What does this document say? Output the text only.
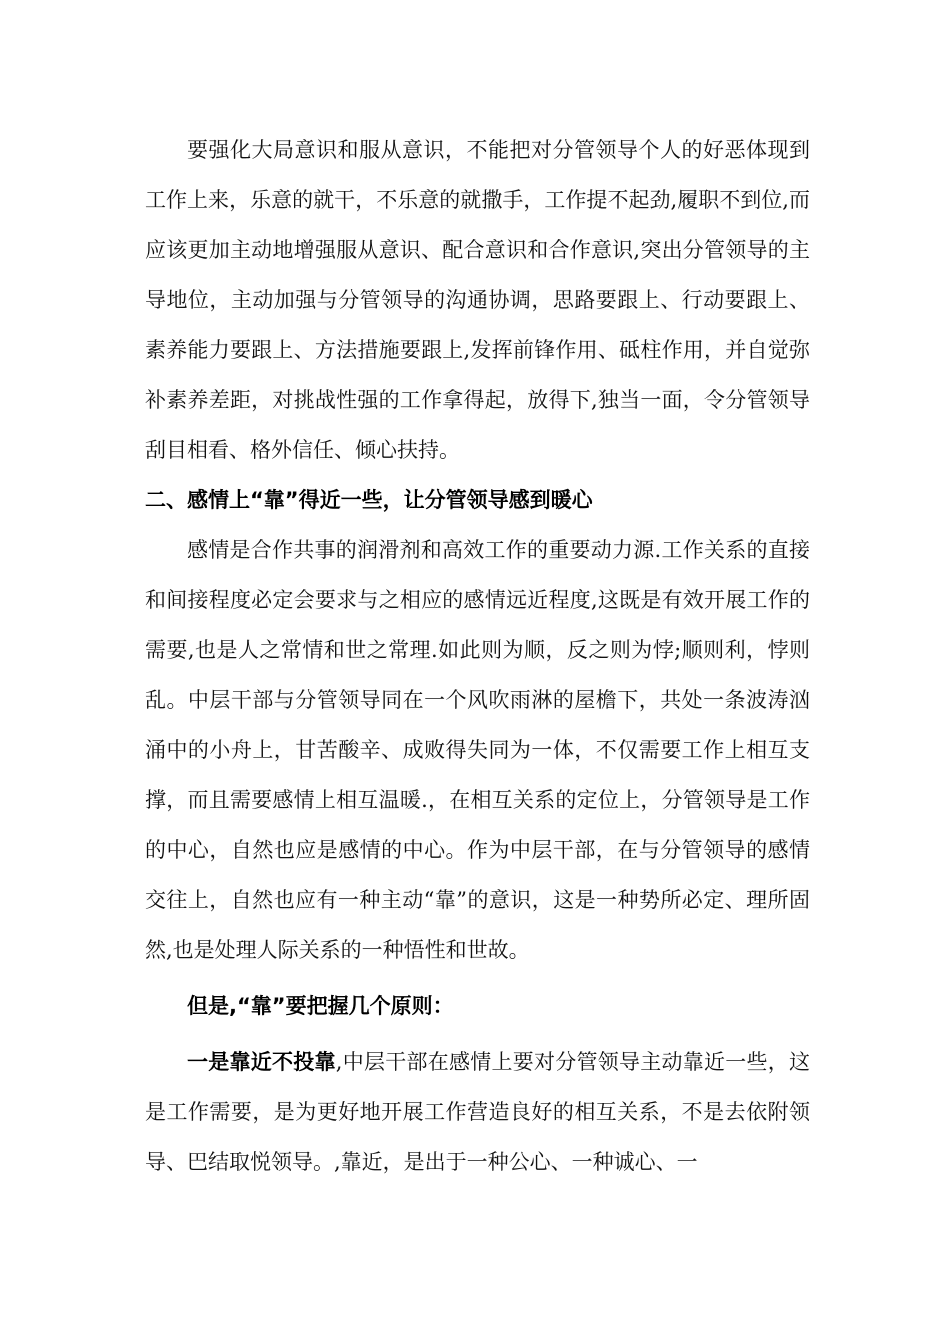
要强化大局意识和服从意识，不能把对分管领导个人的好恶体现到工作上来，乐意的就干，不乐意的就撒手，工作提不起劲,履职不到位,而应该更加主动地增强服从意识、配合意识和合作意识,突出分管领导的主导地位，主动加强与分管领导的沟通协调，思路要跟上、行动要跟上、素养能力要跟上、方法措施要跟上,发挥前锋作用、砥柱作用，并自觉弥补素养差距，对挑战性强的工作拿得起，放得下,独当一面，令分管领导刮目相看、格外信任、倾心扶持。

二、感情上“靠”得近一些，让分管领导感到暖心

感情是合作共事的润滑剂和高效工作的重要动力源.工作关系的直接和间接程度必定会要求与之相应的感情远近程度,这既是有效开展工作的需要,也是人之常情和世之常理.如此则为顺，反之则为悖;顺则利，悖则乱。中层干部与分管领导同在一个风吹雨淋的屋檐下，共处一条波涛汹涌中的小舟上，甘苦酸辛、成败得失同为一体，不仅需要工作上相互支撑，而且需要感情上相互温暖.，在相互关系的定位上，分管领导是工作的中心，自然也应是感情的中心。作为中层干部，在与分管领导的感情交往上，自然也应有一种主动“靠”的意识，这是一种势所必定、理所固然,也是处理人际关系的一种悟性和世故。

但是,“靠”要把握几个原则：

一是靠近不投靠,中层干部在感情上要对分管领导主动靠近一些，这是工作需要，是为更好地开展工作营造良好的相互关系，不是去依附领导、巴结取悦领导。,靠近，是出于一种公心、一种诚心、一
